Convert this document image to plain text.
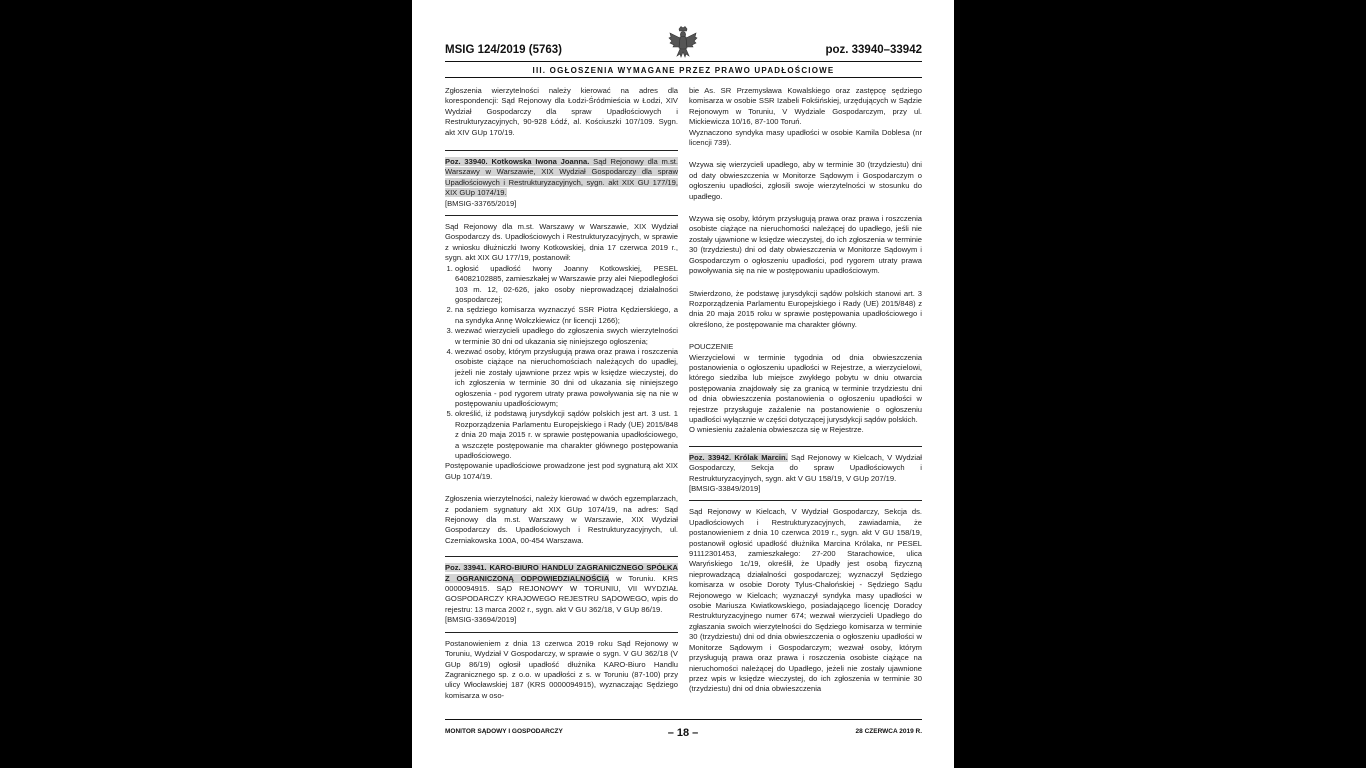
MSIG 124/2019 (5763)	poz. 33940–33942
III. OGŁOSZENIA WYMAGANE PRZEZ PRAWO UPADŁOŚCIOWE

Zgłoszenia wierzytelności należy kierować na adres dla korespondencji: Sąd Rejonowy dla Łodzi-Śródmieścia w Łodzi, XIV Wydział Gospodarczy dla spraw Upadłościowych i Restrukturyzacyjnych, 90-928 Łódź, al. Kościuszki 107/109. Sygn. akt XIV GUp 170/19.

Poz. 33940. Kotkowska Iwona Joanna. Sąd Rejonowy dla m.st. Warszawy w Warszawie, XIX Wydział Gospodarczy dla spraw Upadłościowych i Restrukturyzacyjnych, sygn. akt XIX GU 177/19, XIX GUp 1074/19.

[BMSIG-33765/2019]

Sąd Rejonowy dla m.st. Warszawy w Warszawie, XIX Wydział Gospodarczy ds. Upadłościowych i Restrukturyzacyjnych, w sprawie z wniosku dłużniczki Iwony Kotkowskiej, dnia 17 czerwca 2019 r., sygn. akt XIX GU 177/19, postanowił:

1. ogłosić upadłość Iwony Joanny Kotkowskiej, PESEL 64082102885, zamieszkałej w Warszawie przy alei Niepodległości 103 m. 12, 02-626, jako osoby nieprowadzącej działalności gospodarczej;
2. na sędziego komisarza wyznaczyć SSR Piotra Kędzierskiego, a na syndyka Annę Wołczkiewicz (nr licencji 1266);
3. wezwać wierzycieli upadłego do zgłoszenia swych wierzytelności w terminie 30 dni od ukazania się niniejszego ogłoszenia;
4. wezwać osoby, którym przysługują prawa oraz prawa i roszczenia osobiste ciążące na nieruchomościach należących do upadłej, jeżeli nie zostały ujawnione przez wpis w księdze wieczystej, do ich zgłoszenia w terminie 30 dni od ukazania się niniejszego ogłoszenia - pod rygorem utraty prawa powoływania się na nie w postępowaniu upadłościowym;
5. określić, iż podstawą jurysdykcji sądów polskich jest art. 3 ust. 1 Rozporządzenia Parlamentu Europejskiego i Rady (UE) 2015/848 z dnia 20 maja 2015 r. w sprawie postępowania upadłościowego, a wszczęte postępowanie ma charakter głównego postępowania upadłościowego.

Postępowanie upadłościowe prowadzone jest pod sygnaturą akt XIX GUp 1074/19.

Zgłoszenia wierzytelności, należy kierować w dwóch egzemplarzach, z podaniem sygnatury akt XIX GUp 1074/19, na adres: Sąd Rejonowy dla m.st. Warszawy w Warszawie, XIX Wydział Gospodarczy ds. Upadłościowych i Restrukturyzacyjnych, ul. Czerniakowska 100A, 00-454 Warszawa.

Poz. 33941. KARO-BIURO HANDLU ZAGRANICZNEGO SPÓŁKA Z OGRANICZONĄ ODPOWIEDZIALNOŚCIĄ w Toruniu. KRS 0000094915. SĄD REJONOWY W TORUNIU, VII WYDZIAŁ GOSPODARCZY KRAJOWEGO REJESTRU SĄDOWEGO, wpis do rejestru: 13 marca 2002 r., sygn. akt V GU 362/18, V GUp 86/19.

[BMSIG-33694/2019]

Postanowieniem z dnia 13 czerwca 2019 roku Sąd Rejonowy w Toruniu, Wydział V Gospodarczy, w sprawie o sygn. V GU 362/18 (V GUp 86/19) ogłosił upadłość dłużnika KARO-Biuro Handlu Zagranicznego sp. z o.o. w upadłości z s. w Toruniu (87-100) przy ulicy Włocławskiej 187 (KRS 0000094915), wyznaczając Sędziego komisarza w oso-

bie As. SR Przemysława Kowalskiego oraz zastępcę sędziego komisarza w osobie SSR Izabeli Fokśińskiej, urzędujących w Sądzie Rejonowym w Toruniu, V Wydziale Gospodarczym, przy ul. Mickiewicza 10/16, 87-100 Toruń.

Wyznaczono syndyka masy upadłości w osobie Kamila Doblesa (nr licencji 739).

Wzywa się wierzycieli upadłego, aby w terminie 30 (trzydziestu) dni od daty obwieszczenia w Monitorze Sądowym i Gospodarczym o ogłoszeniu upadłości, zgłosili swoje wierzytelności w stosunku do upadłego.

Wzywa się osoby, którym przysługują prawa oraz prawa i roszczenia osobiste ciążące na nieruchomości należącej do upadłego, jeśli nie zostały ujawnione w księdze wieczystej, do ich zgłoszenia w terminie 30 (trzydziestu) dni od daty obwieszczenia w Monitorze Sądowym i Gospodarczym o ogłoszeniu upadłości, pod rygorem utraty prawa powoływania się na nie w postępowaniu upadłościowym.

Stwierdzono, że podstawę jurysdykcji sądów polskich stanowi art. 3 Rozporządzenia Parlamentu Europejskiego i Rady (UE) 2015/848) z dnia 20 maja 2015 roku w sprawie postępowania upadłościowego i określono, że postępowanie ma charakter główny.

POUCZENIE

Wierzycielowi w terminie tygodnia od dnia obwieszczenia postanowienia o ogłoszeniu upadłości w Rejestrze, a wierzycielowi, którego siedziba lub miejsce zwykłego pobytu w dniu otwarcia postępowania znajdowały się za granicą w terminie trzydziestu dni od dnia obwieszczenia postanowienia o ogłoszeniu upadłości w rejestrze przysługuje zażalenie na postanowienie o ogłoszeniu upadłości wyłącznie w części dotyczącej jurysdykcji sądów polskich.

O wniesieniu zażalenia obwieszcza się w Rejestrze.

Poz. 33942. Królak Marcin. Sąd Rejonowy w Kielcach, V Wydział Gospodarczy, Sekcja do spraw Upadłościowych i Restrukturyzacyjnych, sygn. akt V GU 158/19, V GUp 207/19.

[BMSIG-33849/2019]

Sąd Rejonowy w Kielcach, V Wydział Gospodarczy, Sekcja ds. Upadłościowych i Restrukturyzacyjnych, zawiadamia, że postanowieniem z dnia 10 czerwca 2019 r., sygn. akt V GU 158/19, postanowił ogłosić upadłość dłużnika Marcina Królaka, nr PESEL 91112301453, zamieszkałego: 27-200 Starachowice, ulica Waryńskiego 1c/19, określił, że Upadły jest osobą fizyczną nieprowadzącą działalności gospodarczej; wyznaczył Sędziego komisarza w osobie Doroty Tylus-Chałońskiej - Sędziego Sądu Rejonowego w Kielcach; wyznaczył syndyka masy upadłości w osobie Mariusza Kwiatkowskiego, posiadającego licencję Doradcy Restrukturyzacyjnego numer 674; wezwał wierzycieli Upadłego do zgłaszania swoich wierzytelności do Sędziego komisarza w terminie 30 (trzydziestu) dni od dnia obwieszczenia o ogłoszeniu upadłości w Monitorze Sądowym i Gospodarczym; wezwał osoby, którym przysługują prawa oraz prawa i roszczenia osobiste ciążące na nieruchomości należącej do Upadłego, jeżeli nie zostały ujawnione przez wpis w księdze wieczystej, do ich zgłoszenia w terminie 30 (trzydziestu) dni od dnia obwieszczenia

MONITOR SĄDOWY I GOSPODARCZY	– 18 –	28 CZERWCA 2019 R.
